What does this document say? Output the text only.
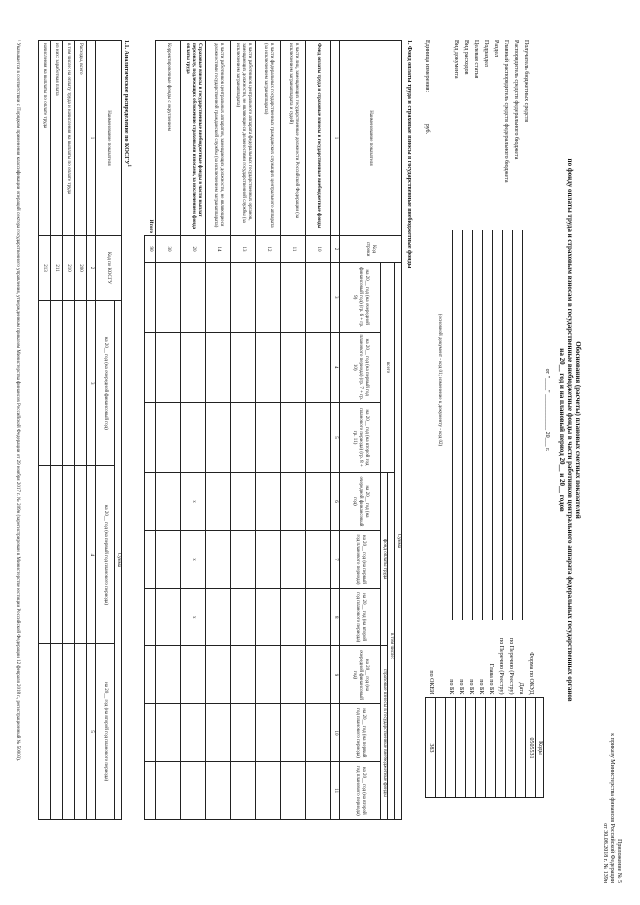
Приложение № 5
к приказу Министерства финансов Российской Федерации
от 30.08.2018 г. № 139н
Обоснования (расчеты) плановых сметных показателей
по фонду оплаты труда и страховым взносам в государственные внебюджетные фонды в части работников центрального аппарата федеральных государственных органов
на 20__ год и на плановый период 20__ и 20__ годов
от "____" ____________ 20___ г.
Получатель бюджетных средств
Распорядитель средств федерального бюджета
Главный распорядитель средств федерального бюджета
Раздел
Подраздел
Целевая статья
Вид расходов
Вид документа
(основной документ - код 01; изменение к документу - код 02)
Единица измерения: руб.
	Коды
Форма по ОКУД	0505531
Дата	
по Перечню (Реестру)	
по Перечню (Реестру)	
Глава по БК	
по БК	
по БК	
по БК	
по БК	

по ОКЕИ	383
1. Фонд оплаты труда и страховые взносы в государственные внебюджетные фонды
Наименование показателя	Код строки	Сумма								
		всего			в том числе:					
					фонд оплаты труда			страховые взносы в государственные внебюджетные фонды		
		на 20__ год (на очередной финансовый год) (гр. 6 + гр. 9)	на 20__ год (на первый год планового периода) (гр. 7 + гр. 10)	на 20__ год (на второй год планового периода) (гр. 8 + гр. 11)	на 20__ год (на очередной финансовый год)	на 20__ год (на первый год планового периода)	на 20__ год (на второй год планового периода)	на 20__ год (на очередной финансовый год)	на 20__ год (на первый год планового периода)	на 20__ год (на второй год планового периода)
1	2	3	4	5	6	7	8	9	10	11
Фонд оплаты труда и страховые взносы в государственные внебюджетные фонды	10									
в части лиц, замещающих государственные должности Российской Федерации (за исключением загранаппарата и судей)	11									
в части федеральных государственных гражданских служащих центрального аппарата (за исключением загранаппарата)	12									
в части работников центрального аппарата федеральных государственных органов, замещающих должности, не являющиеся должностями государственной службы (за исключением загранаппарата)	13									
в части работников центральных аппаратов, замещающих должности, не являющиеся должностями государственной гражданской службы (за исключением загранаппарата)	14									
Страховые взносы в государственные внебюджетные фонды в части выплат персоналу, подлежащих обложению страховыми взносами, за исключением фонда оплаты труда	20				x	x	x			
Корректировочные фонды с округлением	30									
Итого	90									
1.1. Аналитическое распределение по КОСГУ$^1$
Наименование показателя	Код по КОСГУ	Сумма		
		на 20__ год (на очередной финансовый год)	на 20__ год (на первый год планового периода)	на 20__ год (на второй год планового периода)
1	2	3	4	5
Расходы, всего	200			
в том числе: на оплату труда и начисления на выплаты по оплате труда	210			
из них: заработная плата	211			
начисления на выплаты по оплате труда	213			
¹ Указывается в соответствии с Порядком применения классификации операций сектора государственного управления, утвержденным приказом Министерства финансов Российской Федерации от 29 ноября 2017 г. № 209н (зарегистрирован в Министерстве юстиции Российской Федерации 12 февраля 2018 г., регистрационный № 50003).
